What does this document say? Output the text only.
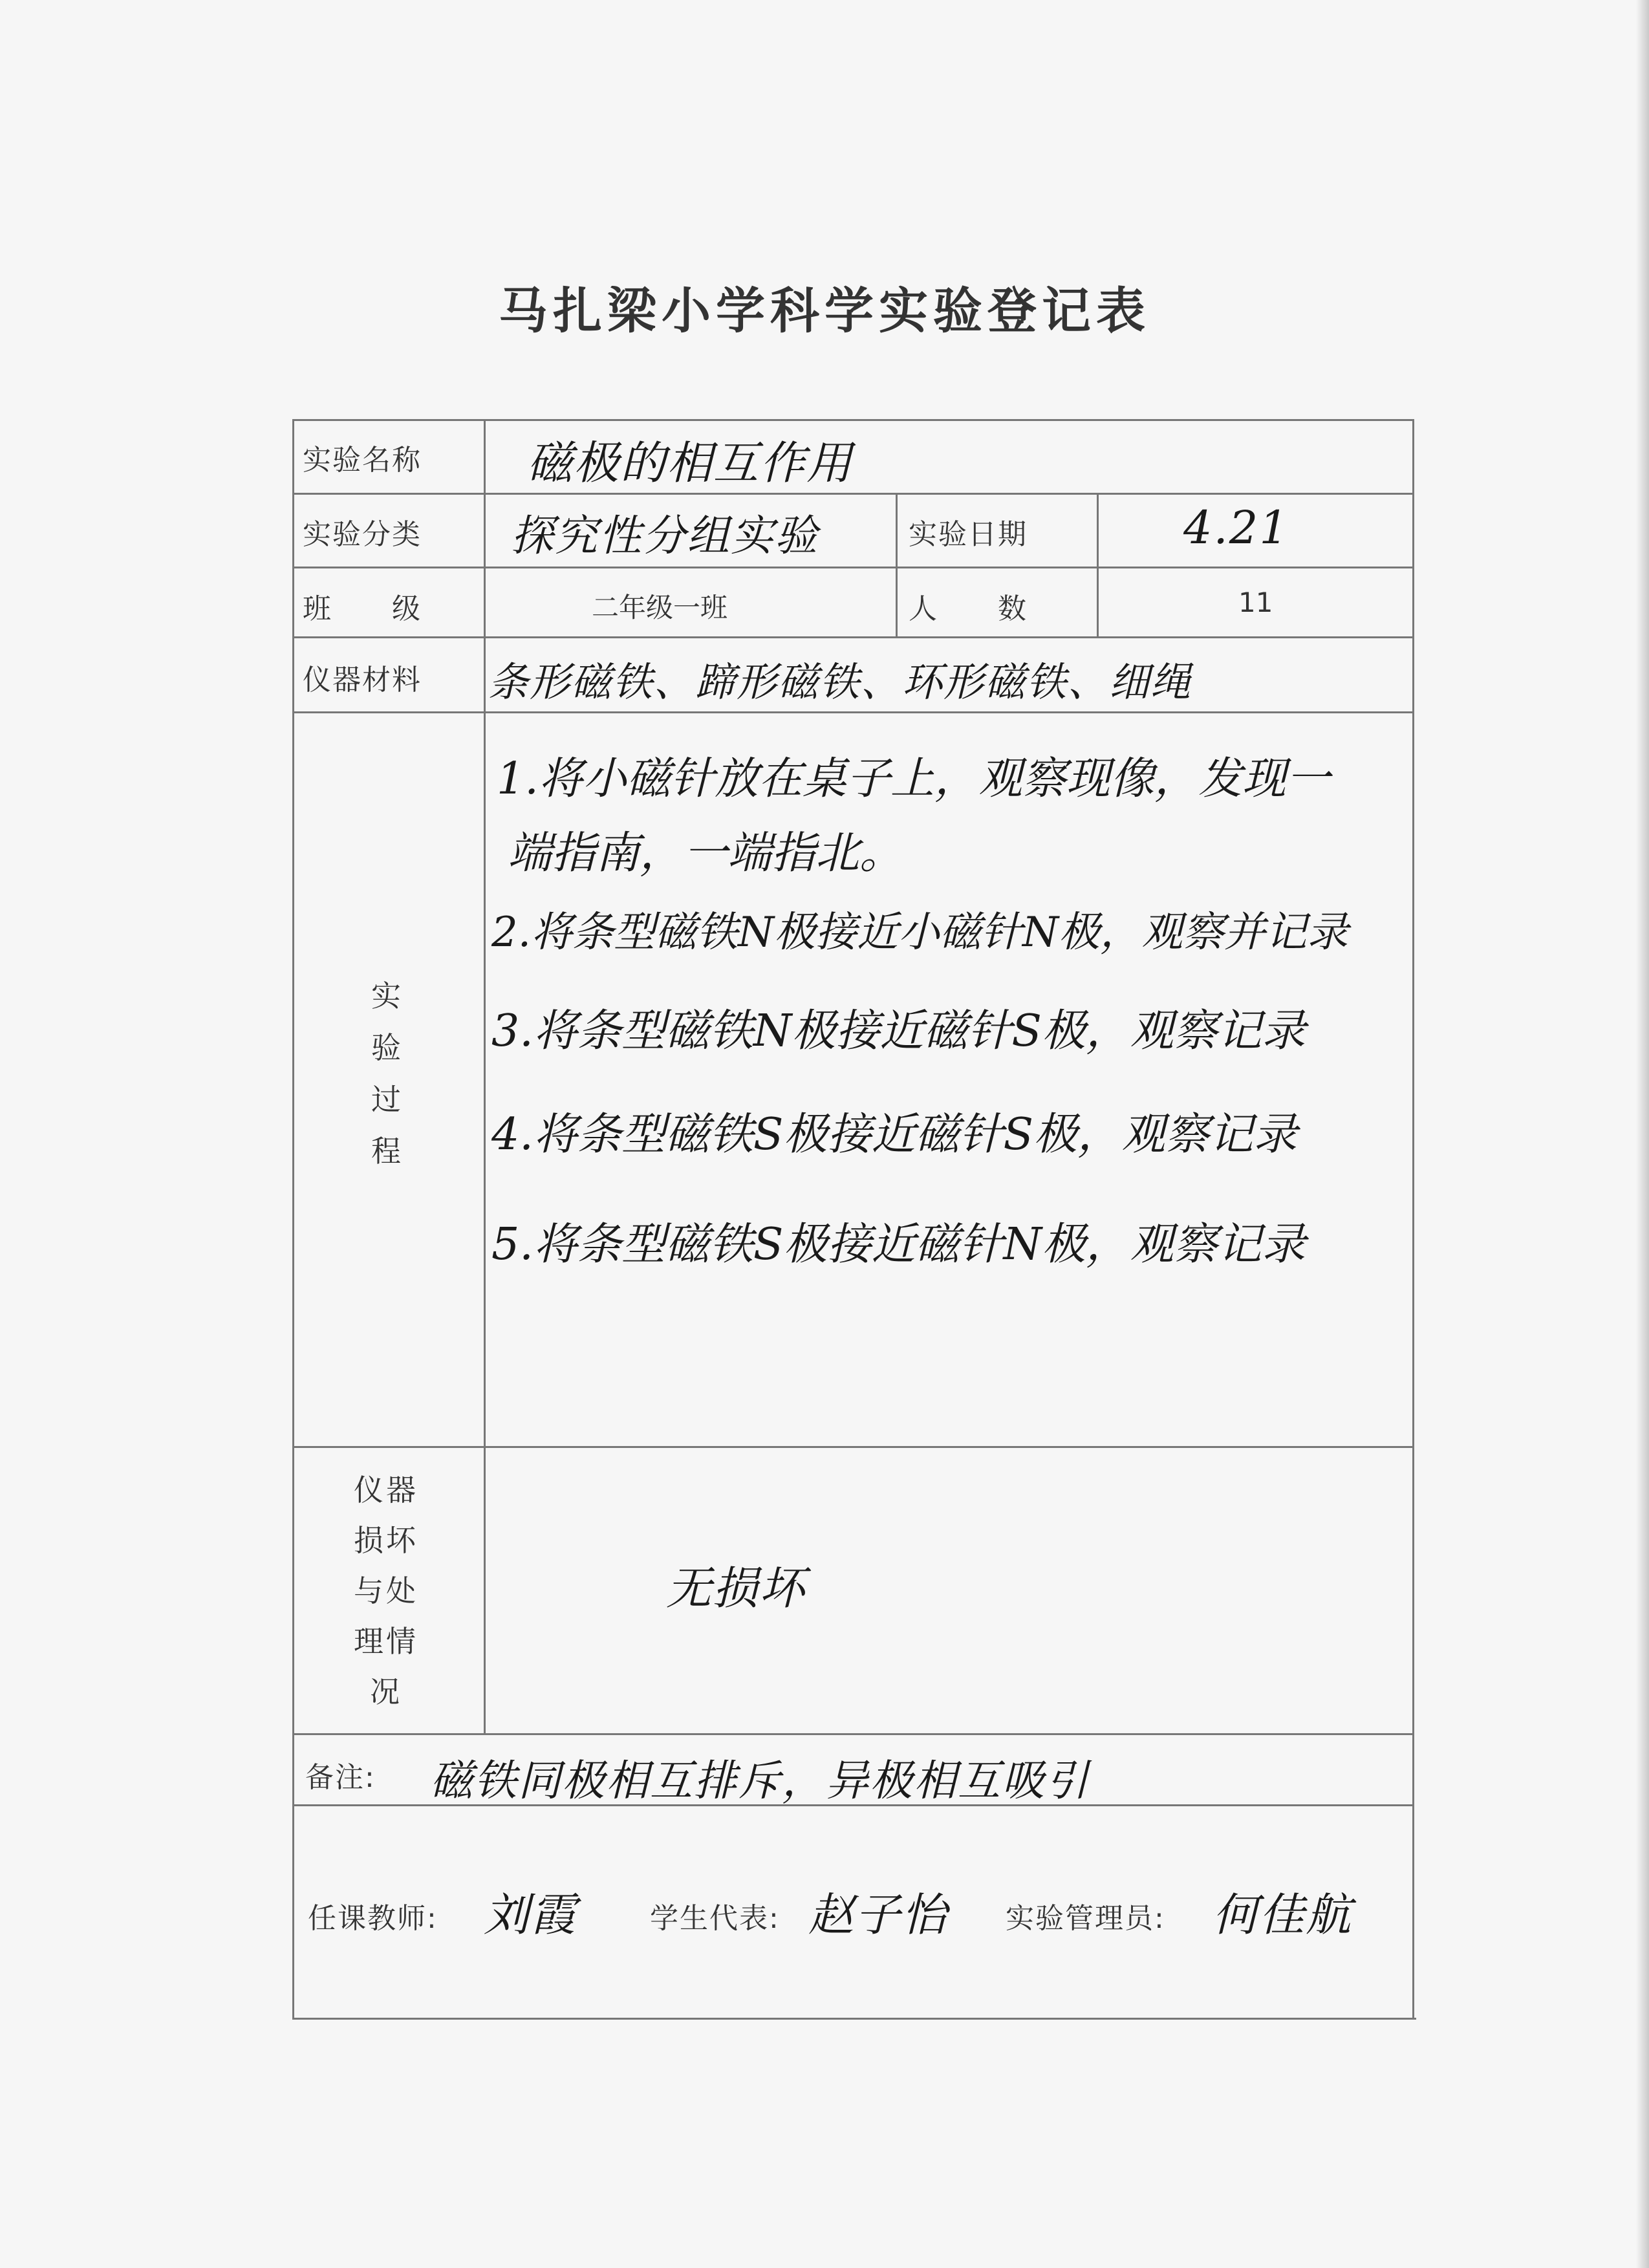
马扎梁小学科学实验登记表
实验名称 磁极的相互作用
实验分类 探究性分组实验	实验日期	4.21
班　　级	二年级一班	人　　数	11
仪器材料 条形磁铁、蹄形磁铁、环形磁铁、细绳
实验过程
1.将小磁针放在桌子上，观察现像，发现一
端指南，一端指北。
2.将条型磁铁N极接近小磁针N极，观察并记录
3.将条型磁铁N极接近磁针S极，观察记录
4.将条型磁铁S极接近磁针S极，观察记录
5.将条型磁铁S极接近磁针N极，观察记录
仪器损坏与处理情况
无损坏
备注: 磁铁同极相互排斥，异极相互吸引
任课教师: 刘霞	学生代表: 赵子怡 实验管理员: 何佳航
